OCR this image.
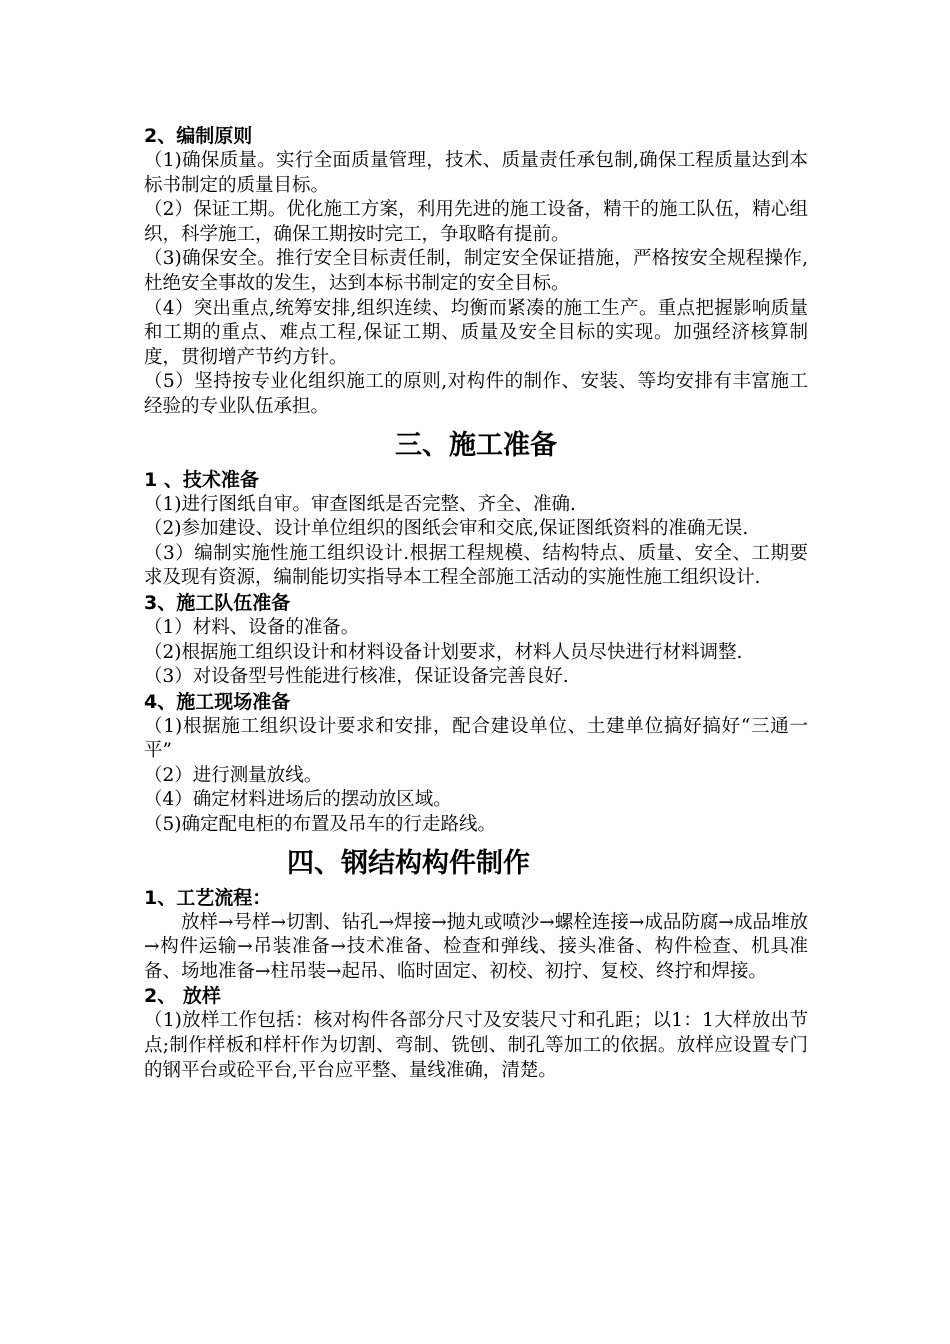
2、编制原则
（1)确保质量。实行全面质量管理，技术、质量责任承包制,确保工程质量达到本标书制定的质量目标。
（2）保证工期。优化施工方案，利用先进的施工设备，精干的施工队伍，精心组织，科学施工，确保工期按时完工，争取略有提前。
（3)确保安全。推行安全目标责任制，制定安全保证措施，严格按安全规程操作,杜绝安全事故的发生，达到本标书制定的安全目标。
（4）突出重点,统筹安排,组织连续、均衡而紧凑的施工生产。重点把握影响质量和工期的重点、难点工程,保证工期、质量及安全目标的实现。加强经济核算制度，贯彻增产节约方针。
（5）坚持按专业化组织施工的原则,对构件的制作、安装、等均安排有丰富施工经验的专业队伍承担。
三、施工准备
1 、技术准备
（1)进行图纸自审。审查图纸是否完整、齐全、准确.
（2)参加建设、设计单位组织的图纸会审和交底,保证图纸资料的准确无误.
（3）编制实施性施工组织设计.根据工程规模、结构特点、质量、安全、工期要求及现有资源，编制能切实指导本工程全部施工活动的实施性施工组织设计.
3、施工队伍准备
（1）材料、设备的准备。
（2)根据施工组织设计和材料设备计划要求，材料人员尽快进行材料调整.
（3）对设备型号性能进行核准，保证设备完善良好.
4、施工现场准备
（1)根据施工组织设计要求和安排，配合建设单位、土建单位搞好搞好“三通一平”
（2）进行测量放线。
（4）确定材料进场后的摆动放区域。
（5)确定配电柜的布置及吊车的行走路线。
四、钢结构构件制作
1、工艺流程：
放样→号样→切割、钻孔→焊接→抛丸或喷沙→螺栓连接→成品防腐→成品堆放→构件运输→吊装准备→技术准备、检查和弹线、接头准备、构件检查、机具准备、场地准备→柱吊装→起吊、临时固定、初校、初拧、复校、终拧和焊接。
2、 放样
（1)放样工作包括：核对构件各部分尺寸及安装尺寸和孔距；以1：1大样放出节点;制作样板和样杆作为切割、弯制、铣刨、制孔等加工的依据。放样应设置专门的钢平台或砼平台,平台应平整、量线准确，清楚。
